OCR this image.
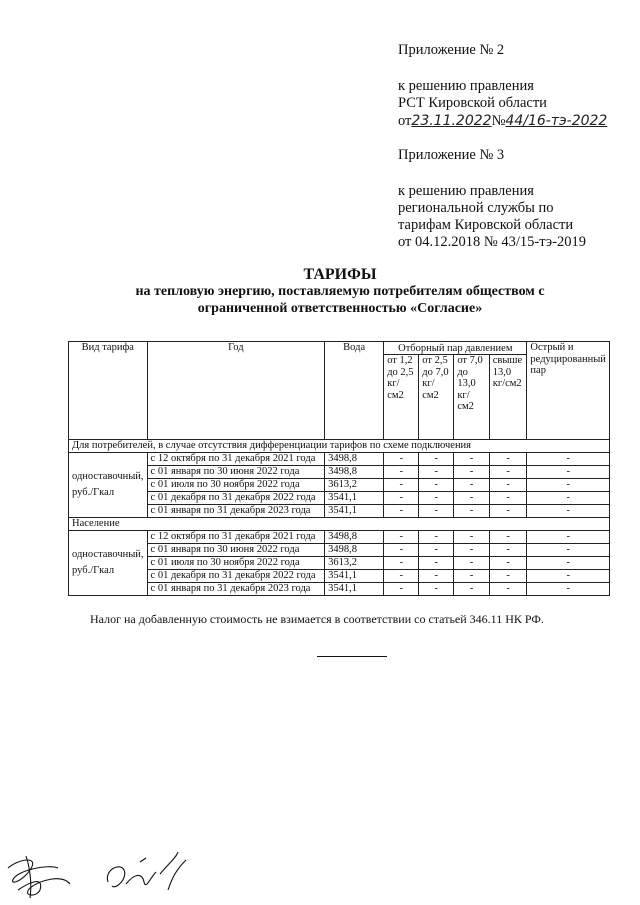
Приложение № 2
к решению правления
РСТ Кировской области
от23.11.2022№44/16-тэ-2022
Приложение № 3
к решению правления
региональной службы по
тарифам Кировской области
от 04.12.2018 № 43/15-тэ-2019
ТАРИФЫ
на тепловую энергию, поставляемую потребителям обществом с
ограниченной ответственностью «Согласие»
Вид тарифа	Год	Вода	Отборный пар давлением				Острый и редуцированный пар
			от 1,2 до 2,5 кг/см2	от 2,5 до 7,0 кг/см2	от 7,0 до 13,0 кг/см2	свыше 13,0 кг/см2	
Для потребителей, в случае отсутствия дифференциации тарифов по схеме подключения							
одноставочный, руб./Гкал	с 12 октября по 31 декабря 2021 года	3498,8	-	-	-	-	-
	с 01 января по 30 июня 2022 года	3498,8	-	-	-	-	-
	с 01 июля по 30 ноября 2022 года	3613,2	-	-	-	-	-
	с 01 декабря по 31 декабря 2022 года	3541,1	-	-	-	-	-
	с 01 января по 31 декабря 2023 года	3541,1	-	-	-	-	-
Население							
одноставочный, руб./Гкал	с 12 октября по 31 декабря 2021 года	3498,8	-	-	-	-	-
	с 01 января по 30 июня 2022 года	3498,8	-	-	-	-	-
	с 01 июля по 30 ноября 2022 года	3613,2	-	-	-	-	-
	с 01 декабря по 31 декабря 2022 года	3541,1	-	-	-	-	-
	с 01 января по 31 декабря 2023 года	3541,1	-	-	-	-	-
Налог на добавленную стоимость не взимается в соответствии со статьей 346.11 НК РФ.
